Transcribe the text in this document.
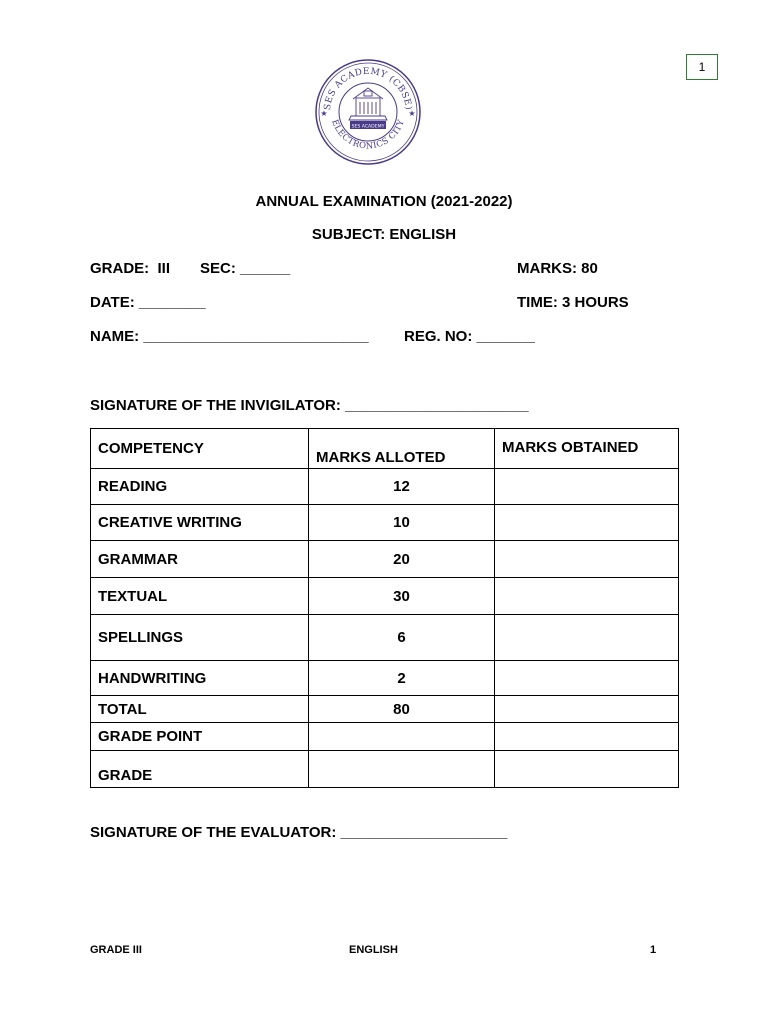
1
SES ACADEMY (CBSE)
ELECTRONICS CITY
★	★
SES ACADEMY
ANNUAL EXAMINATION (2021-2022)
SUBJECT: ENGLISH
GRADE:  III SEC: ______	MARKS: 80
DATE: ________	TIME: 3 HOURS
NAME: ___________________________ REG. NO: _______
SIGNATURE OF THE INVIGILATOR: ______________________
COMPETENCY	MARKS ALLOTED	MARKS OBTAINED
READING	12	
CREATIVE WRITING	10	
GRAMMAR	20	
TEXTUAL	30	
SPELLINGS	6	
HANDWRITING	2	
TOTAL	80	
GRADE POINT		
GRADE		
SIGNATURE OF THE EVALUATOR: ____________________
GRADE III	ENGLISH	1
